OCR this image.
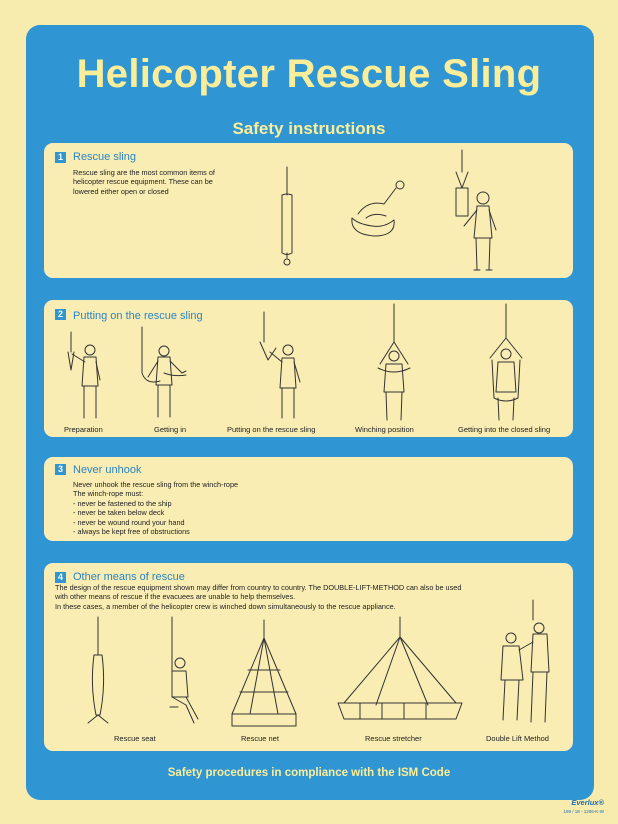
Helicopter Rescue Sling
Safety instructions
1 Rescue sling
Rescue sling are the most common items of
helicopter rescue equipment. These can be
lowered either open or closed
2 Putting on the rescue sling
Preparation	Getting in	Putting on the rescue sling	Winching position	Getting into the closed sling
3 Never unhook
Never unhook the rescue sling from the winch-rope
The winch-rope must:
- never be fastened to the ship
- never be taken below deck
- never be wound round your hand
- always be kept free of obstructions
4 Other means of rescue
The design of the rescue equipment shown may differ from country to country. The DOUBLE-LIFT-METHOD can also be used
with other means of rescue if the evacuees are unable to help themselves.
In these cases, a member of the helicopter crew is winched down simultaneously to the rescue appliance.
Rescue seat	Rescue net	Rescue stretcher	Double Lift Method
Safety procedures in compliance with the ISM Code
Everlux®
199 / 18 - 1206-K-W
